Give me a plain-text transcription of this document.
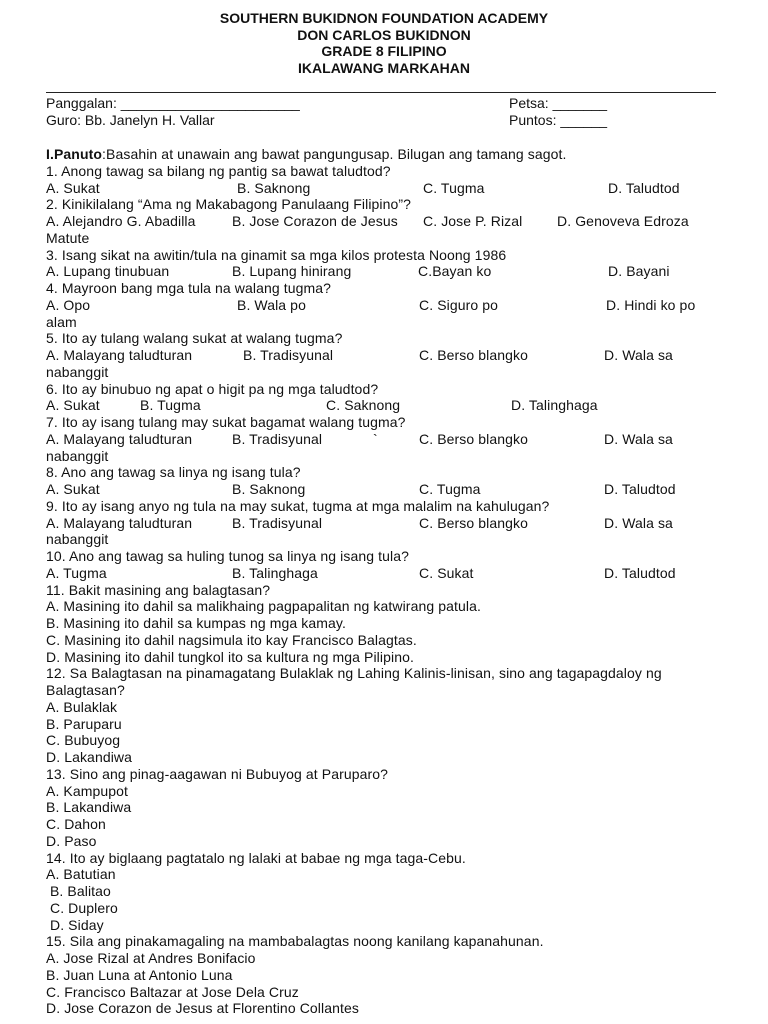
SOUTHERN BUKIDNON FOUNDATION ACADEMY
DON CARLOS BUKIDNON
GRADE 8 FILIPINO
IKALAWANG MARKAHAN
Panggalan: _______________________	Petsa: _______
Guro: Bb. Janelyn H. Vallar	Puntos: ______
I.Panuto:Basahin at unawain ang bawat pangungusap. Bilugan ang tamang sagot.
1. Anong tawag sa bilang ng pantig sa bawat taludtod?
A. Sukat	B. Saknong	C. Tugma	D. Taludtod
2. Kinikilalang “Ama ng Makabagong Panulaang Filipino”?
A. Alejandro G. Abadilla	B. Jose Corazon de Jesus C. Jose P. Rizal D. Genoveva Edroza
Matute
3. Isang sikat na awitin/tula na ginamit sa mga kilos protesta Noong 1986
A. Lupang tinubuan	B. Lupang hinirang	C.Bayan ko	D. Bayani
4. Mayroon bang mga tula na walang tugma?
A. Opo	B. Wala po	C. Siguro po	D. Hindi ko po
alam
5. Ito ay tulang walang sukat at walang tugma?
A. Malayang taludturan	B. Tradisyunal	C. Berso blangko	D. Wala sa
nabanggit
6. Ito ay binubuo ng apat o higit pa ng mga taludtod?
A. Sukat	B. Tugma	C. Saknong	D. Talinghaga
7. Ito ay isang tulang may sukat bagamat walang tugma?
A. Malayang taludturan	B. Tradisyunal	`	C. Berso blangko	D. Wala sa
nabanggit
8. Ano ang tawag sa linya ng isang tula?
A. Sukat	B. Saknong	C. Tugma	D. Taludtod
9. Ito ay isang anyo ng tula na may sukat, tugma at mga malalim na kahulugan?
A. Malayang taludturan	B. Tradisyunal	C. Berso blangko	D. Wala sa
nabanggit
10. Ano ang tawag sa huling tunog sa linya ng isang tula?
A. Tugma	B. Talinghaga	C. Sukat	D. Taludtod
11. Bakit masining ang balagtasan?
A. Masining ito dahil sa malikhaing pagpapalitan ng katwirang patula.
B. Masining ito dahil sa kumpas ng mga kamay.
C. Masining ito dahil nagsimula ito kay Francisco Balagtas.
D. Masining ito dahil tungkol ito sa kultura ng mga Pilipino.
12. Sa Balagtasan na pinamagatang Bulaklak ng Lahing Kalinis-linisan, sino ang tagapagdaloy ng
Balagtasan?
A. Bulaklak
B. Paruparu
C. Bubuyog
D. Lakandiwa
13. Sino ang pinag-aagawan ni Bubuyog at Paruparo?
A. Kampupot
B. Lakandiwa
C. Dahon
D. Paso
14. Ito ay biglaang pagtatalo ng lalaki at babae ng mga taga-Cebu.
A. Batutian
B. Balitao
C. Duplero
D. Siday
15. Sila ang pinakamagaling na mambabalagtas noong kanilang kapanahunan.
A. Jose Rizal at Andres Bonifacio
B. Juan Luna at Antonio Luna
C. Francisco Baltazar at Jose Dela Cruz
D. Jose Corazon de Jesus at Florentino Collantes
